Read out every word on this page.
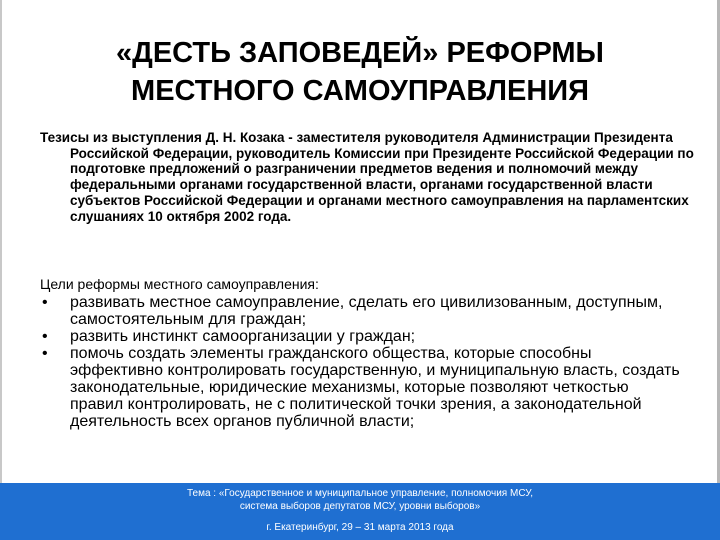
«ДЕСТЬ ЗАПОВЕДЕЙ» РЕФОРМЫ
МЕСТНОГО САМОУПРАВЛЕНИЯ
Тезисы из выступления Д. Н. Козака - заместителя руководителя Администрации Президента Российской Федерации, руководитель Комиссии при Президенте Российской Федерации по подготовке предложений о разграничении предметов ведения и полномочий между федеральными органами государственной власти, органами государственной власти субъектов Российской Федерации и органами местного самоуправления на парламентских слушаниях 10 октября 2002 года.
Цели реформы местного самоуправления:
• развивать местное самоуправление, сделать его цивилизованным, доступным, самостоятельным для граждан;
• развить инстинкт самоорганизации у граждан;
• помочь создать элементы гражданского общества, которые способны эффективно контролировать государственную, и муниципальную власть, создать законодательные, юридические механизмы, которые позволяют четкостью правил контролировать, не с политической точки зрения, а законодательной деятельность всех органов публичной власти;
Тема : «Государственное и муниципальное управление, полномочия МСУ,
система выборов депутатов МСУ, уровни выборов»
г. Екатеринбург, 29 – 31 марта 2013 года
